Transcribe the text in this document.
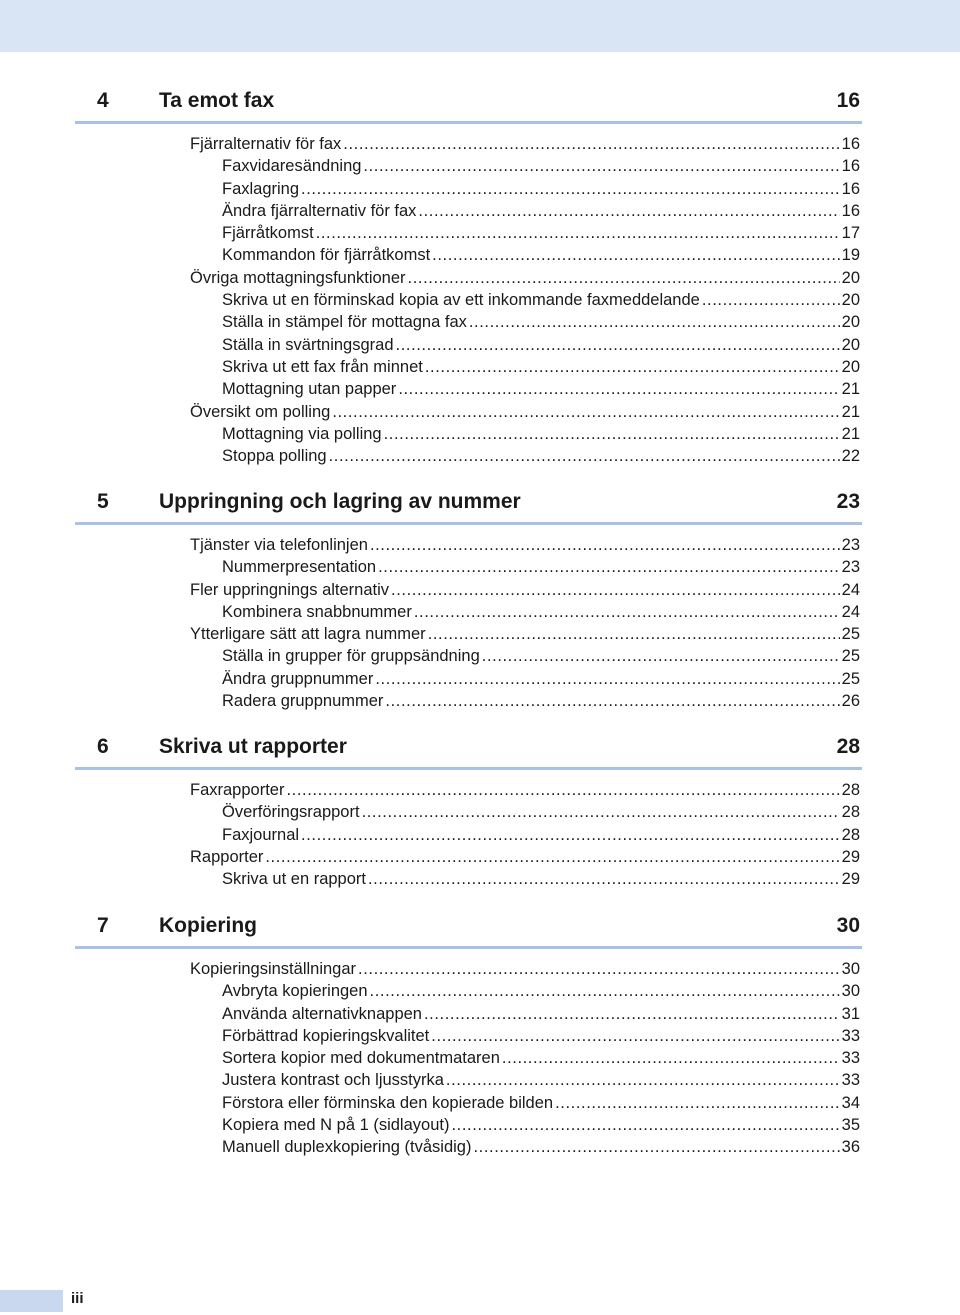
4 Ta emot fax	16
Fjärralternativ för fax .....	16
Faxvidaresändning .....	16
Faxlagring .....	16
Ändra fjärralternativ för fax .....	16
Fjärråtkomst .....	17
Kommandon för fjärråtkomst .....	19
Övriga mottagningsfunktioner .....	20
Skriva ut en förminskad kopia av ett inkommande faxmeddelande .....	20
Ställa in stämpel för mottagna fax .....	20
Ställa in svärtningsgrad .....	20
Skriva ut ett fax från minnet .....	20
Mottagning utan papper .....	21
Översikt om polling .....	21
Mottagning via polling .....	21
Stoppa polling .....	22
5 Uppringning och lagring av nummer	23
Tjänster via telefonlinjen .....	23
Nummerpresentation .....	23
Fler uppringnings alternativ .....	24
Kombinera snabbnummer .....	24
Ytterligare sätt att lagra nummer .....	25
Ställa in grupper för gruppsändning .....	25
Ändra gruppnummer .....	25
Radera gruppnummer .....	26
6 Skriva ut rapporter	28
Faxrapporter .....	28
Överföringsrapport .....	28
Faxjournal .....	28
Rapporter .....	29
Skriva ut en rapport .....	29
7 Kopiering	30
Kopieringsinställningar .....	30
Avbryta kopieringen .....	30
Använda alternativknappen .....	31
Förbättrad kopieringskvalitet .....	33
Sortera kopior med dokumentmataren .....	33
Justera kontrast och ljusstyrka .....	33
Förstora eller förminska den kopierade bilden .....	34
Kopiera med N på 1 (sidlayout) .....	35
Manuell duplexkopiering (tvåsidig) .....	36
iii
